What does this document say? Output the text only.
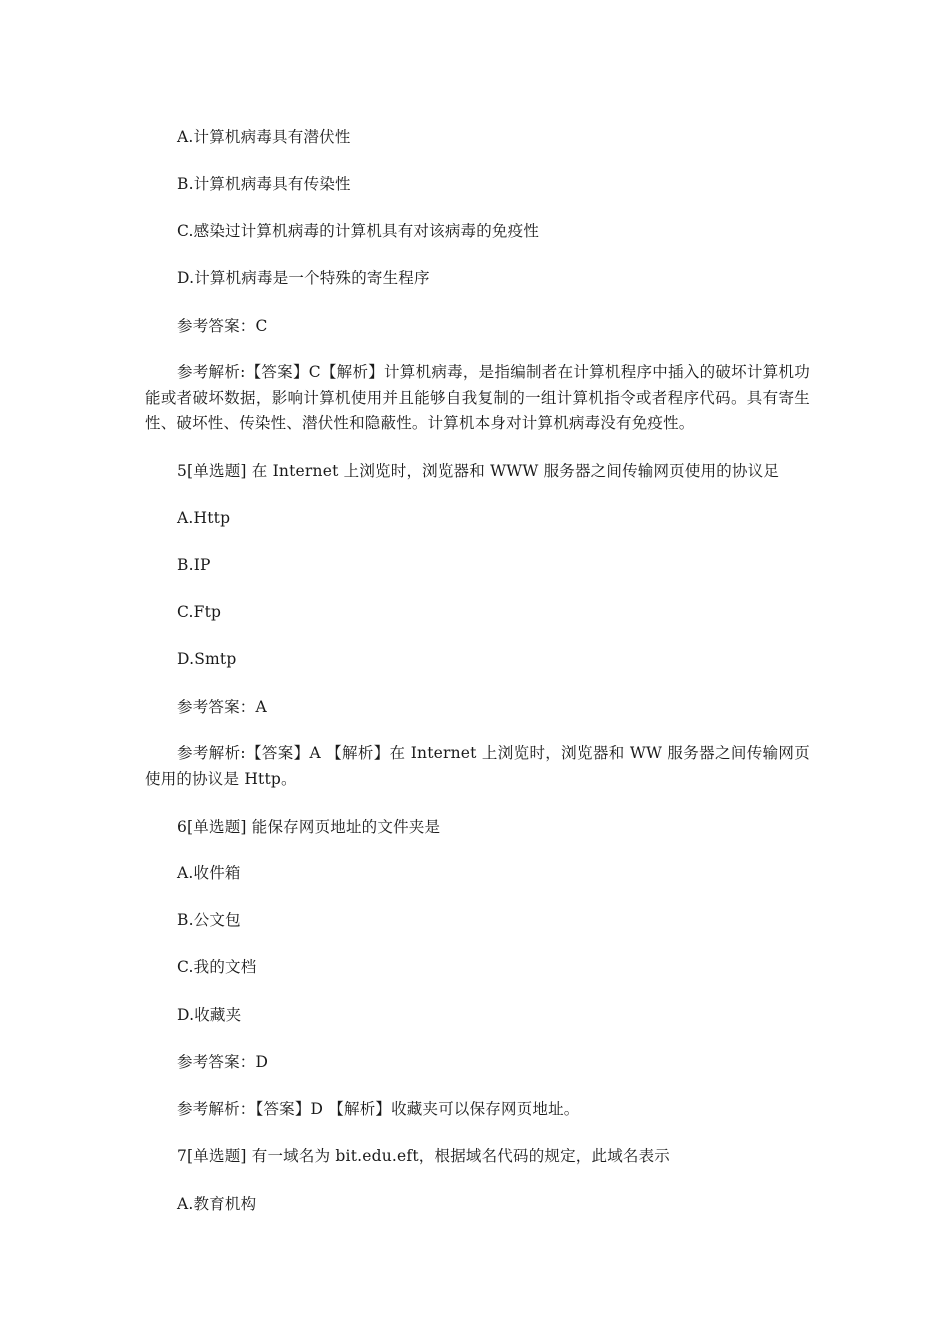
A.计算机病毒具有潜伏性
B.计算机病毒具有传染性
C.感染过计算机病毒的计算机具有对该病毒的免疫性
D.计算机病毒是一个特殊的寄生程序
参考答案：C
参考解析:【答案】C【解析】计算机病毒，是指编制者在计算机程序中插入的破坏计算机功能或者破坏数据，影响计算机使用并且能够自我复制的一组计算机指令或者程序代码。具有寄生性、破坏性、传染性、潜伏性和隐蔽性。计算机本身对计算机病毒没有免疫性。
5[单选题] 在 Internet 上浏览时，浏览器和 WWW 服务器之间传输网页使用的协议足
A.Http
B.IP
C.Ftp
D.Smtp
参考答案：A
参考解析:【答案】A 【解析】在 Internet 上浏览时，浏览器和 WW 服务器之间传输网页使用的协议是 Http。
6[单选题] 能保存网页地址的文件夹是
A.收件箱
B.公文包
C.我的文档
D.收藏夹
参考答案：D
参考解析：【答案】D 【解析】收藏夹可以保存网页地址。
7[单选题] 有一域名为 bit.edu.eft，根据域名代码的规定，此域名表示
A.教育机构
